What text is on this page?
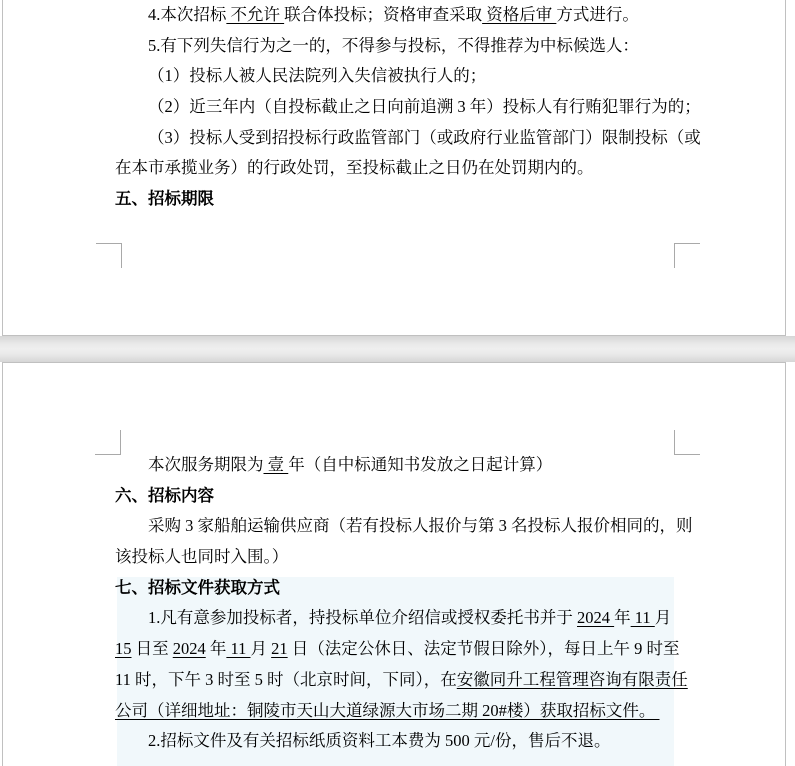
4.本次招标 不允许 联合体投标；资格审查采取 资格后审 方式进行。
5.有下列失信行为之一的，不得参与投标，不得推荐为中标候选人：
（1）投标人被人民法院列入失信被执行人的；
（2）近三年内（自投标截止之日向前追溯 3 年）投标人有行贿犯罪行为的；
（3）投标人受到招投标行政监管部门（或政府行业监管部门）限制投标（或
在本市承揽业务）的行政处罚，至投标截止之日仍在处罚期内的。
五、招标期限
本次服务期限为 壹 年（自中标通知书发放之日起计算）
六、招标内容
采购 3 家船舶运输供应商（若有投标人报价与第 3 名投标人报价相同的，则
该投标人也同时入围。）
七、招标文件获取方式
1.凡有意参加投标者，持投标单位介绍信或授权委托书并于 2024 年 11 月
15 日至 2024 年 11 月 21 日（法定公休日、法定节假日除外），每日上午 9 时至
11 时，下午 3 时至 5 时（北京时间，下同），在安徽同升工程管理咨询有限责任
公司（详细地址：铜陵市天山大道绿源大市场二期 20#楼）获取招标文件。
2.招标文件及有关招标纸质资料工本费为 500 元/份，售后不退。
